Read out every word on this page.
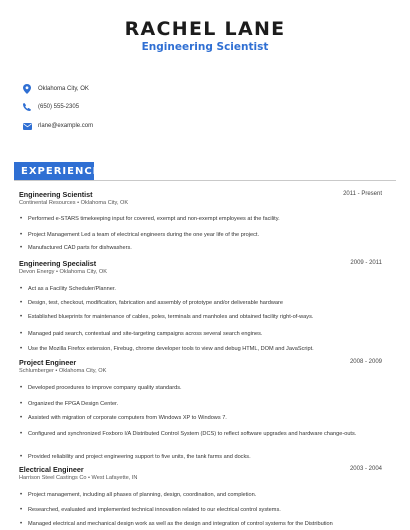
RACHEL LANE
Engineering Scientist
Oklahoma City, OK
(650) 555-2305
rlane@example.com
EXPERIENCE
Engineering Scientist	2011 - Present
Continental Resources • Oklahoma City, OK
•	Performed e-STARS timekeeping input for covered, exempt and non-exempt employees at the facility.
•	Project Management Led a team of electrical engineers during the one year life of the project.
•	Manufactured CAD parts for dishwashers.
Engineering Specialist	2009 - 2011
Devon Energy • Oklahoma City, OK
•	Act as a Facility Scheduler/Planner.
•	Design, test, checkout, modification, fabrication and assembly of prototype and/or deliverable hardware
•	Established blueprints for maintenance of cables, poles, terminals and manholes and obtained facility right-of-ways.
•	Managed paid search, contextual and site-targeting campaigns across several search engines.
•	Use the Mozilla Firefox extension, Firebug, chrome developer tools to view and debug HTML, DOM and JavaScript.
Project Engineer	2008 - 2009
Schlumberger • Oklahoma City, OK
•	Developed procedures to improve company quality standards.
•	Organized the FPGA Design Center.
•	Assisted with migration of corporate computers from Windows XP to Windows 7.
•	Configured and synchronized Foxboro I/A Distributed Control System (DCS) to reflect software upgrades and hardware change-outs.
•	Provided reliability and project engineering support to five units, the tank farms and docks.
Electrical Engineer	2003 - 2004
Harrison Steel Castings Co • West Lafayette, IN
•	Project management, including all phases of planning, design, coordination, and completion.
•	Researched, evaluated and implemented technical innovation related to our electrical control systems.
•	Managed electrical and mechanical design work as well as the design and integration of control systems for the Distribution
